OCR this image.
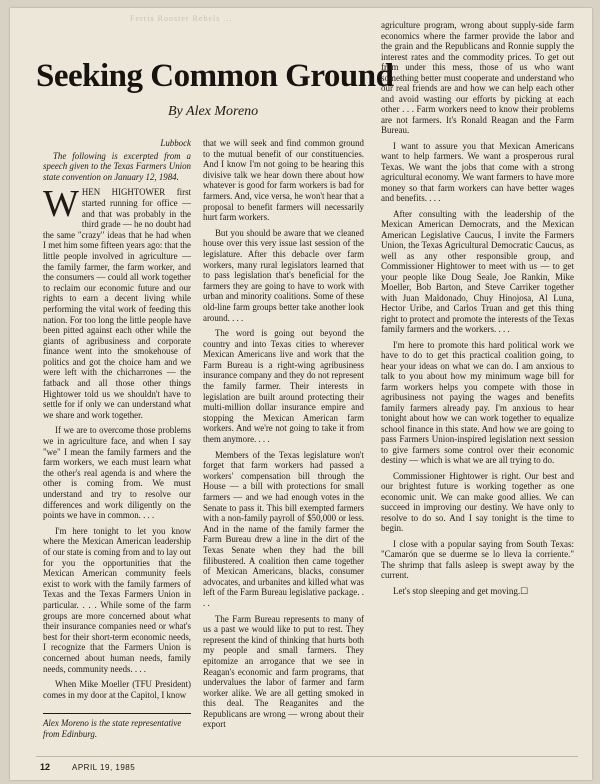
Ferris Rooster Rebels ...
Seeking Common Ground
By Alex Moreno
Lubbock

The following is excerpted from a speech given to the Texas Farmers Union state convention on January 12, 1984.

WHEN HIGHTOWER first started running for office — and that was probably in the third grade — he no doubt had the same "crazy" ideas that he had when I met him some fifteen years ago: that the little people involved in agriculture — the family farmer, the farm worker, and the consumers — could all work together to reclaim our economic future and our rights to earn a decent living while performing the vital work of feeding this nation. For too long the little people have been pitted against each other while the giants of agribusiness and corporate finance went into the smokehouse of politics and got the choice ham and we were left with the chicharrones — the fatback and all those other things Hightower told us we shouldn't have to settle for if only we can understand what we share and work together.

If we are to overcome those problems we in agriculture face, and when I say "we" I mean the family farmers and the farm workers, we each must learn what the other's real agenda is and where the other is coming from. We must understand and try to resolve our differences and work diligently on the points we have in common. . . .

I'm here tonight to let you know where the Mexican American leadership of our state is coming from and to lay out for you the opportunities that the Mexican American community feels exist to work with the family farmers of Texas and the Texas Farmers Union in particular. . . . While some of the farm groups are more concerned about what their insurance companies need or what's best for their short-term economic needs, I recognize that the Farmers Union is concerned about human needs, family needs, community needs. . . .

When Mike Moeller (TFU President) comes in my door at the Capitol, I know

that we will seek and find common ground to the mutual benefit of our constituencies. And I know I'm not going to be hearing this divisive talk we hear down there about how whatever is good for farm workers is bad for farmers. And, vice versa, he won't hear that a proposal to benefit farmers will necessarily hurt farm workers.

But you should be aware that we cleaned house over this very issue last session of the legislature. After this debacle over farm workers, many rural legislators learned that to pass legislation that's beneficial for the farmers they are going to have to work with urban and minority coalitions. Some of these old-line farm groups better take another look around. . . .

The word is going out beyond the country and into Texas cities to wherever Mexican Americans live and work that the Farm Bureau is a right-wing agribusiness insurance company and they do not represent the family farmer. Their interests in legislation are built around protecting their multi-million dollar insurance empire and stopping the Mexican American farm workers. And we're not going to take it from them anymore. . . .

Members of the Texas legislature won't forget that farm workers had passed a workers' compensation bill through the House — a bill with protections for small farmers — and we had enough votes in the Senate to pass it. This bill exempted farmers with a non-family payroll of $50,000 or less. And in the name of the family farmer the Farm Bureau drew a line in the dirt of the Texas Senate when they had the bill filibustered. A coalition then came together of Mexican Americans, blacks, consumer advocates, and urbanites and killed what was left of the Farm Bureau legislative package. . . .

The Farm Bureau represents to many of us a past we would like to put to rest. They represent the kind of thinking that hurts both my people and small farmers. They epitomize an arrogance that we see in Reagan's economic and farm programs, that undervalues the labor of farmer and farm worker alike. We are all getting smoked in this deal. The Reaganites and the Republicans are wrong — wrong about their export

agriculture program, wrong about supply-side farm economics where the farmer provide the labor and the grain and the Republicans and Ronnie supply the interest rates and the commodity prices. To get out from under this mess, those of us who want something better must cooperate and understand who our real friends are and how we can help each other and avoid wasting our efforts by picking at each other . . . Farm workers need to know their problems are not farmers. It's Ronald Reagan and the Farm Bureau.

I want to assure you that Mexican Americans want to help farmers. We want a prosperous rural Texas. We want the jobs that come with a strong agricultural economy. We want farmers to have more money so that farm workers can have better wages and benefits. . . .

After consulting with the leadership of the Mexican American Democrats, and the Mexican American Legislative Caucus, I invite the Farmers Union, the Texas Agricultural Democratic Caucus, as well as any other responsible group, and Commissioner Hightower to meet with us — to get your people like Doug Seale, Joe Rankin, Mike Moeller, Bob Barton, and Steve Carriker together with Juan Maldonado, Chuy Hinojosa, Al Luna, Hector Uribe, and Carlos Truan and get this thing right to protect and promote the interests of the Texas family farmers and the workers. . . .

I'm here to promote this hard political work we have to do to get this practical coalition going, to hear your ideas on what we can do. I am anxious to talk to you about how my minimum wage bill for farm workers helps you compete with those in agribusiness not paying the wages and benefits family farmers already pay. I'm anxious to hear tonight about how we can work together to equalize school finance in this state. And how we are going to pass Farmers Union-inspired legislation next session to give farmers some control over their economic destiny — which is what we are all trying to do.

Commissioner Hightower is right. Our best and our brightest future is working together as one economic unit. We can make good allies. We can succeed in improving our destiny. We have only to resolve to do so. And I say tonight is the time to begin.

I close with a popular saying from South Texas: "Camarón que se duerme se lo lleva la corriente." The shrimp that falls asleep is swept away by the current.

Let's stop sleeping and get moving.☐

Alex Moreno is the state representative from Edinburg.
12	APRIL 19, 1985
